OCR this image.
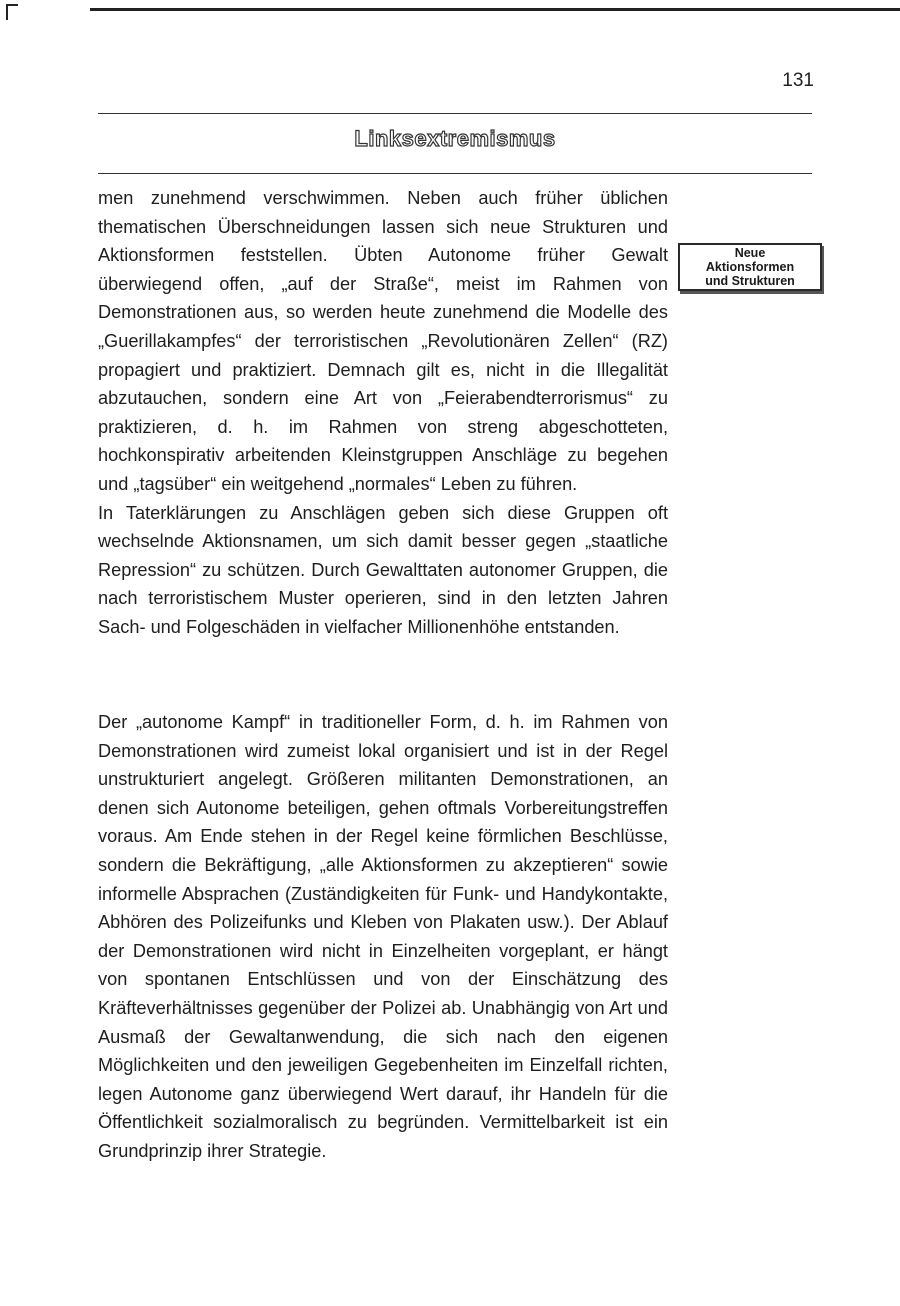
131
Linksextremismus

men zunehmend verschwimmen. Neben auch früher üblichen thematischen Überschneidungen lassen sich neue Strukturen und Aktionsformen feststellen. Übten Autonome früher Gewalt überwiegend offen, „auf der Straße“, meist im Rahmen von Demonstrationen aus, so werden heute zunehmend die Modelle des „Guerillakampfes“ der terroristischen „Revolutionären Zellen“ (RZ) propagiert und praktiziert. Demnach gilt es, nicht in die Illegalität abzutauchen, sondern eine Art von „Feierabendterrorismus“ zu praktizieren, d. h. im Rahmen von streng abgeschotteten, hochkonspirativ arbeitenden Kleinstgruppen Anschläge zu begehen und „tagsüber“ ein weitgehend „normales“ Leben zu führen.

In Taterklärungen zu Anschlägen geben sich diese Gruppen oft wechselnde Aktionsnamen, um sich damit besser gegen „staatliche Repression“ zu schützen. Durch Gewalttaten autonomer Gruppen, die nach terroristischem Muster operieren, sind in den letzten Jahren Sach- und Folgeschäden in vielfacher Millionenhöhe entstanden.

Neue
Aktionsformen
und Strukturen

Der „autonome Kampf“ in traditioneller Form, d. h. im Rahmen von Demonstrationen wird zumeist lokal organisiert und ist in der Regel unstrukturiert angelegt. Größeren militanten Demonstrationen, an denen sich Autonome beteiligen, gehen oftmals Vorbereitungstreffen voraus. Am Ende stehen in der Regel keine förmlichen Beschlüsse, sondern die Bekräftigung, „alle Aktionsformen zu akzeptieren“ sowie informelle Absprachen (Zuständigkeiten für Funk- und Handykontakte, Abhören des Polizeifunks und Kleben von Plakaten usw.). Der Ablauf der Demonstrationen wird nicht in Einzelheiten vorgeplant, er hängt von spontanen Entschlüssen und von der Einschätzung des Kräfteverhältnisses gegenüber der Polizei ab. Unabhängig von Art und Ausmaß der Gewaltanwendung, die sich nach den eigenen Möglichkeiten und den jeweiligen Gegebenheiten im Einzelfall richten, legen Autonome ganz überwiegend Wert darauf, ihr Handeln für die Öffentlichkeit sozialmoralisch zu begründen. Vermittelbarkeit ist ein Grundprinzip ihrer Strategie.
